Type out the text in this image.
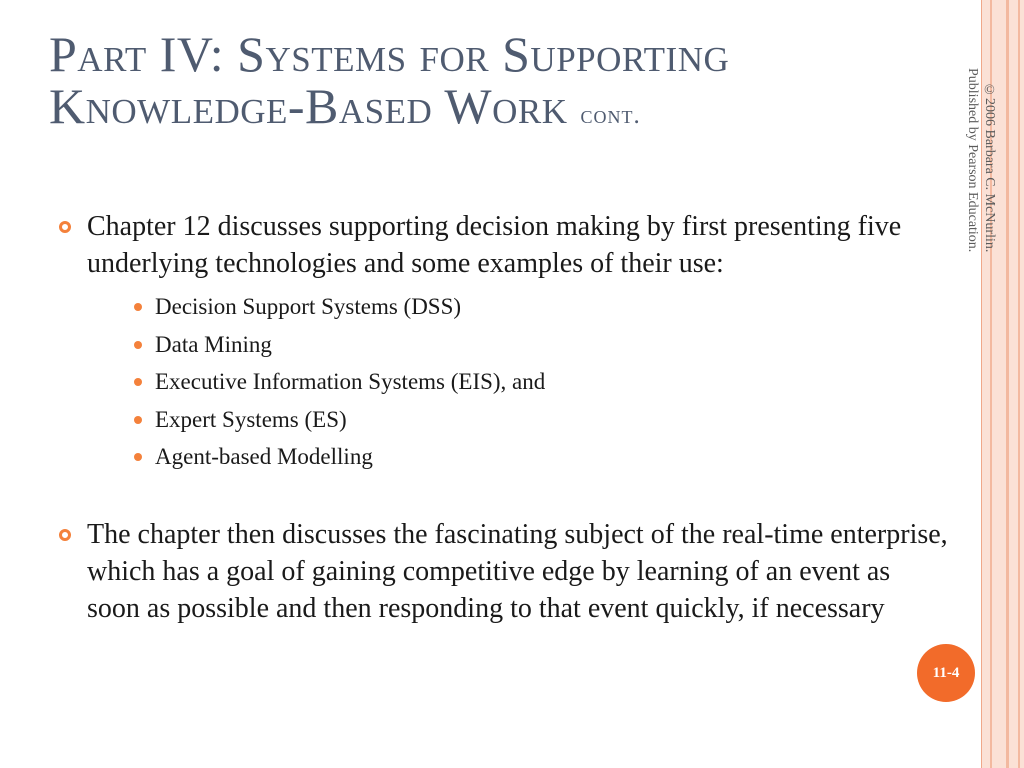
Part IV: Systems for Supporting
Knowledge-Based Work cont.	©2006 Barbara C. McNurlin. Published by Pearson Education.
Chapter 12 discusses supporting decision making by first presenting five underlying technologies and some examples of their use:
Decision Support Systems (DSS)
Data Mining
Executive Information Systems (EIS), and
Expert Systems (ES)
Agent-based Modelling
The chapter then discusses the fascinating subject of the real-time enterprise, which has a goal of gaining competitive edge by learning of an event as soon as possible and then responding to that event quickly, if necessary
11-4
